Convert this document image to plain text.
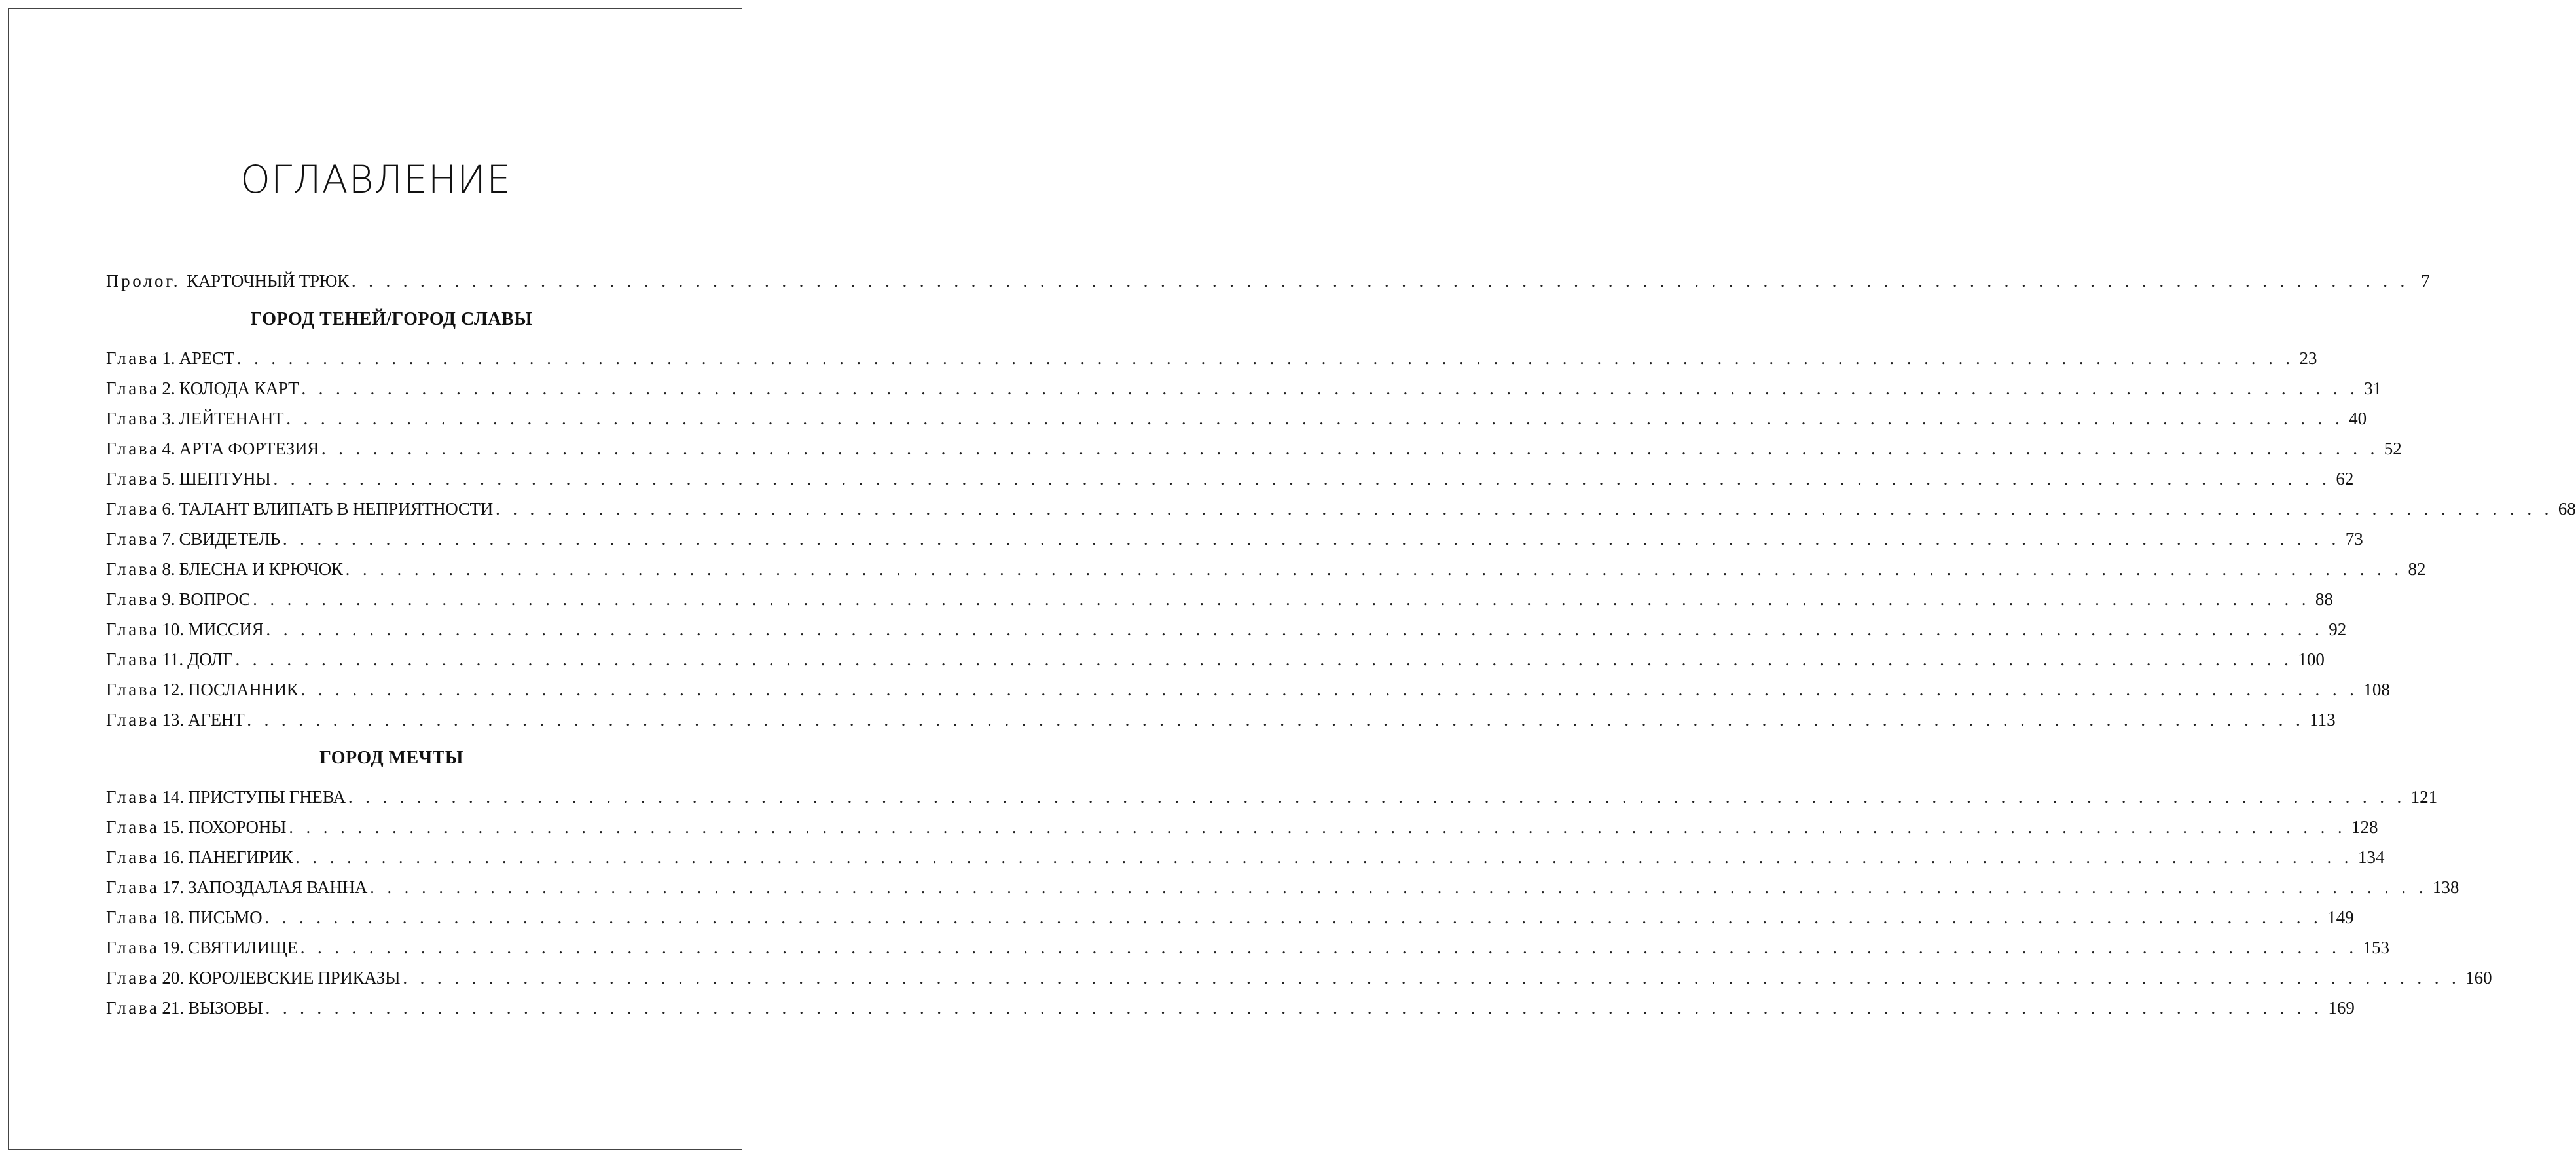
ОГЛАВЛЕНИЕ
Пролог. КАРТОЧНЫЙ ТРЮК . . . . . . . . . . . . . . . . . . . . . . . . . . . . . . . . . . . . . . . . . . . . . . . . . . . . . . . . . . . . . . . . . . . . . . . . . . . . . . . . . . . . . . . . . . . . . . . . . . . . . . . . . . . . . . . . . . . . . . . . 7
ГОРОД ТЕНЕЙ/ГОРОД СЛАВЫ
Глава 1. АРЕСТ . . . . . . . . . . . . . . . . . . . . . . . . . . . . . . . . . . . . . . . . . . . . . . . . . . . . . . . . . . . . . . . . . . . . . . . . . . . . . . . . . . . . . . . . . . . . . . . . . . . . . . . . . . . . . . . . . . . . . . . . 23
Глава 2. КОЛОДА КАРТ . . . . . . . . . . . . . . . . . . . . . . . . . . . . . . . . . . . . . . . . . . . . . . . . . . . . . . . . . . . . . . . . . . . . . . . . . . . . . . . . . . . . . . . . . . . . . . . . . . . . . . . . . . . . . . . . . . . . . . . . 31
Глава 3. ЛЕЙТЕНАНТ . . . . . . . . . . . . . . . . . . . . . . . . . . . . . . . . . . . . . . . . . . . . . . . . . . . . . . . . . . . . . . . . . . . . . . . . . . . . . . . . . . . . . . . . . . . . . . . . . . . . . . . . . . . . . . . . . . . . . . . . 40
Глава 4. АРТА ФОРТЕЗИЯ . . . . . . . . . . . . . . . . . . . . . . . . . . . . . . . . . . . . . . . . . . . . . . . . . . . . . . . . . . . . . . . . . . . . . . . . . . . . . . . . . . . . . . . . . . . . . . . . . . . . . . . . . . . . . . . . . . . . . . . . 52
Глава 5. ШЕПТУНЫ . . . . . . . . . . . . . . . . . . . . . . . . . . . . . . . . . . . . . . . . . . . . . . . . . . . . . . . . . . . . . . . . . . . . . . . . . . . . . . . . . . . . . . . . . . . . . . . . . . . . . . . . . . . . . . . . . . . . . . . . 62
Глава 6. ТАЛАНТ ВЛИПАТЬ В НЕПРИЯТНОСТИ . . . . . . . . . . . . . . . . . . . . . . . . . . . . . . . . . . . . . . . . . . . . . . . . . . . . . . . . . . . . . . . . . . . . . . . . . . . . . . . . . . . . . . . . . . . . . . . . . . . . . . . . . . . . . . . . . . . . . . . . 68
Глава 7. СВИДЕТЕЛЬ . . . . . . . . . . . . . . . . . . . . . . . . . . . . . . . . . . . . . . . . . . . . . . . . . . . . . . . . . . . . . . . . . . . . . . . . . . . . . . . . . . . . . . . . . . . . . . . . . . . . . . . . . . . . . . . . . . . . . . . . 73
Глава 8. БЛЕСНА И КРЮЧОК . . . . . . . . . . . . . . . . . . . . . . . . . . . . . . . . . . . . . . . . . . . . . . . . . . . . . . . . . . . . . . . . . . . . . . . . . . . . . . . . . . . . . . . . . . . . . . . . . . . . . . . . . . . . . . . . . . . . . . . . 82
Глава 9. ВОПРОС . . . . . . . . . . . . . . . . . . . . . . . . . . . . . . . . . . . . . . . . . . . . . . . . . . . . . . . . . . . . . . . . . . . . . . . . . . . . . . . . . . . . . . . . . . . . . . . . . . . . . . . . . . . . . . . . . . . . . . . . 88
Глава 10. МИССИЯ . . . . . . . . . . . . . . . . . . . . . . . . . . . . . . . . . . . . . . . . . . . . . . . . . . . . . . . . . . . . . . . . . . . . . . . . . . . . . . . . . . . . . . . . . . . . . . . . . . . . . . . . . . . . . . . . . . . . . . . . 92
Глава 11. ДОЛГ . . . . . . . . . . . . . . . . . . . . . . . . . . . . . . . . . . . . . . . . . . . . . . . . . . . . . . . . . . . . . . . . . . . . . . . . . . . . . . . . . . . . . . . . . . . . . . . . . . . . . . . . . . . . . . . . . . . . . . . . 100
Глава 12. ПОСЛАННИК . . . . . . . . . . . . . . . . . . . . . . . . . . . . . . . . . . . . . . . . . . . . . . . . . . . . . . . . . . . . . . . . . . . . . . . . . . . . . . . . . . . . . . . . . . . . . . . . . . . . . . . . . . . . . . . . . . . . . . . . 108
Глава 13. АГЕНТ . . . . . . . . . . . . . . . . . . . . . . . . . . . . . . . . . . . . . . . . . . . . . . . . . . . . . . . . . . . . . . . . . . . . . . . . . . . . . . . . . . . . . . . . . . . . . . . . . . . . . . . . . . . . . . . . . . . . . . . . 113
ГОРОД МЕЧТЫ
Глава 14. ПРИСТУПЫ ГНЕВА . . . . . . . . . . . . . . . . . . . . . . . . . . . . . . . . . . . . . . . . . . . . . . . . . . . . . . . . . . . . . . . . . . . . . . . . . . . . . . . . . . . . . . . . . . . . . . . . . . . . . . . . . . . . . . . . . . . . . . . . 121
Глава 15. ПОХОРОНЫ . . . . . . . . . . . . . . . . . . . . . . . . . . . . . . . . . . . . . . . . . . . . . . . . . . . . . . . . . . . . . . . . . . . . . . . . . . . . . . . . . . . . . . . . . . . . . . . . . . . . . . . . . . . . . . . . . . . . . . . . 128
Глава 16. ПАНЕГИРИК . . . . . . . . . . . . . . . . . . . . . . . . . . . . . . . . . . . . . . . . . . . . . . . . . . . . . . . . . . . . . . . . . . . . . . . . . . . . . . . . . . . . . . . . . . . . . . . . . . . . . . . . . . . . . . . . . . . . . . . . 134
Глава 17. ЗАПОЗДАЛАЯ ВАННА . . . . . . . . . . . . . . . . . . . . . . . . . . . . . . . . . . . . . . . . . . . . . . . . . . . . . . . . . . . . . . . . . . . . . . . . . . . . . . . . . . . . . . . . . . . . . . . . . . . . . . . . . . . . . . . . . . . . . . . . 138
Глава 18. ПИСЬМО . . . . . . . . . . . . . . . . . . . . . . . . . . . . . . . . . . . . . . . . . . . . . . . . . . . . . . . . . . . . . . . . . . . . . . . . . . . . . . . . . . . . . . . . . . . . . . . . . . . . . . . . . . . . . . . . . . . . . . . . 149
Глава 19. СВЯТИЛИЩЕ . . . . . . . . . . . . . . . . . . . . . . . . . . . . . . . . . . . . . . . . . . . . . . . . . . . . . . . . . . . . . . . . . . . . . . . . . . . . . . . . . . . . . . . . . . . . . . . . . . . . . . . . . . . . . . . . . . . . . . . . 153
Глава 20. КОРОЛЕВСКИЕ ПРИКАЗЫ . . . . . . . . . . . . . . . . . . . . . . . . . . . . . . . . . . . . . . . . . . . . . . . . . . . . . . . . . . . . . . . . . . . . . . . . . . . . . . . . . . . . . . . . . . . . . . . . . . . . . . . . . . . . . . . . . . . . . . . . 160
Глава 21. ВЫЗОВЫ . . . . . . . . . . . . . . . . . . . . . . . . . . . . . . . . . . . . . . . . . . . . . . . . . . . . . . . . . . . . . . . . . . . . . . . . . . . . . . . . . . . . . . . . . . . . . . . . . . . . . . . . . . . . . . . . . . . . . . . . 169
